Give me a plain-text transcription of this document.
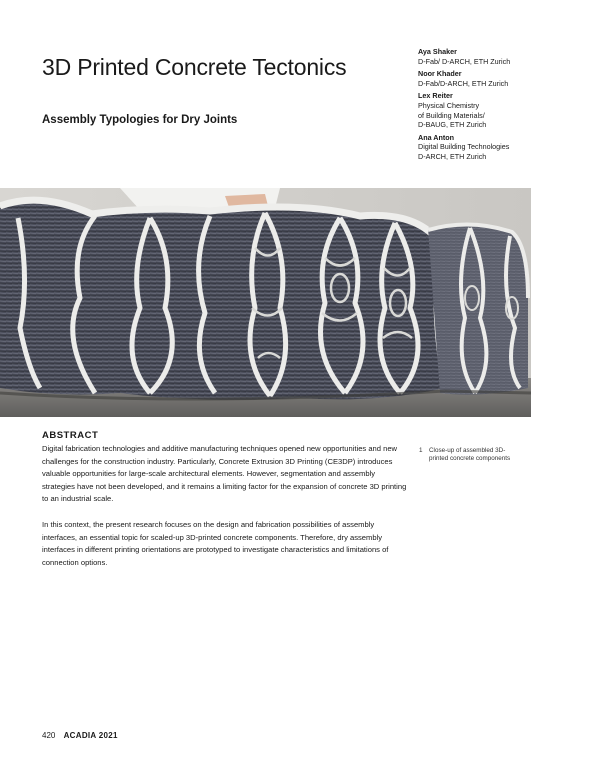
3D Printed Concrete Tectonics
Assembly Typologies for Dry Joints
Aya Shaker
D-Fab/ D-ARCH, ETH Zurich
Noor Khader
D-Fab/D-ARCH, ETH Zurich
Lex Reiter
Physical Chemistry
of Building Materials/
D-BAUG, ETH Zurich
Ana Anton
Digital Building Technologies
D-ARCH, ETH Zurich
ABSTRACT

Digital fabrication technologies and additive manufacturing techniques opened new opportunities and new challenges for the construction industry. Particularly, Concrete Extrusion 3D Printing (CE3DP) introduces valuable opportunities for large-scale architectural elements. However, segmentation and assembly strategies have not been developed, and it remains a limiting factor for the expansion of concrete 3D printing to an industrial scale.

In this context, the present research focuses on the design and fabrication possibilities of assembly interfaces, an essential topic for scaled-up 3D-printed concrete components. Therefore, dry assembly interfaces in different printing orientations are prototyped to investigate characteristics and limitations of connection options.

1	Close-up of assembled 3D-printed concrete components
420 ACADIA 2021
